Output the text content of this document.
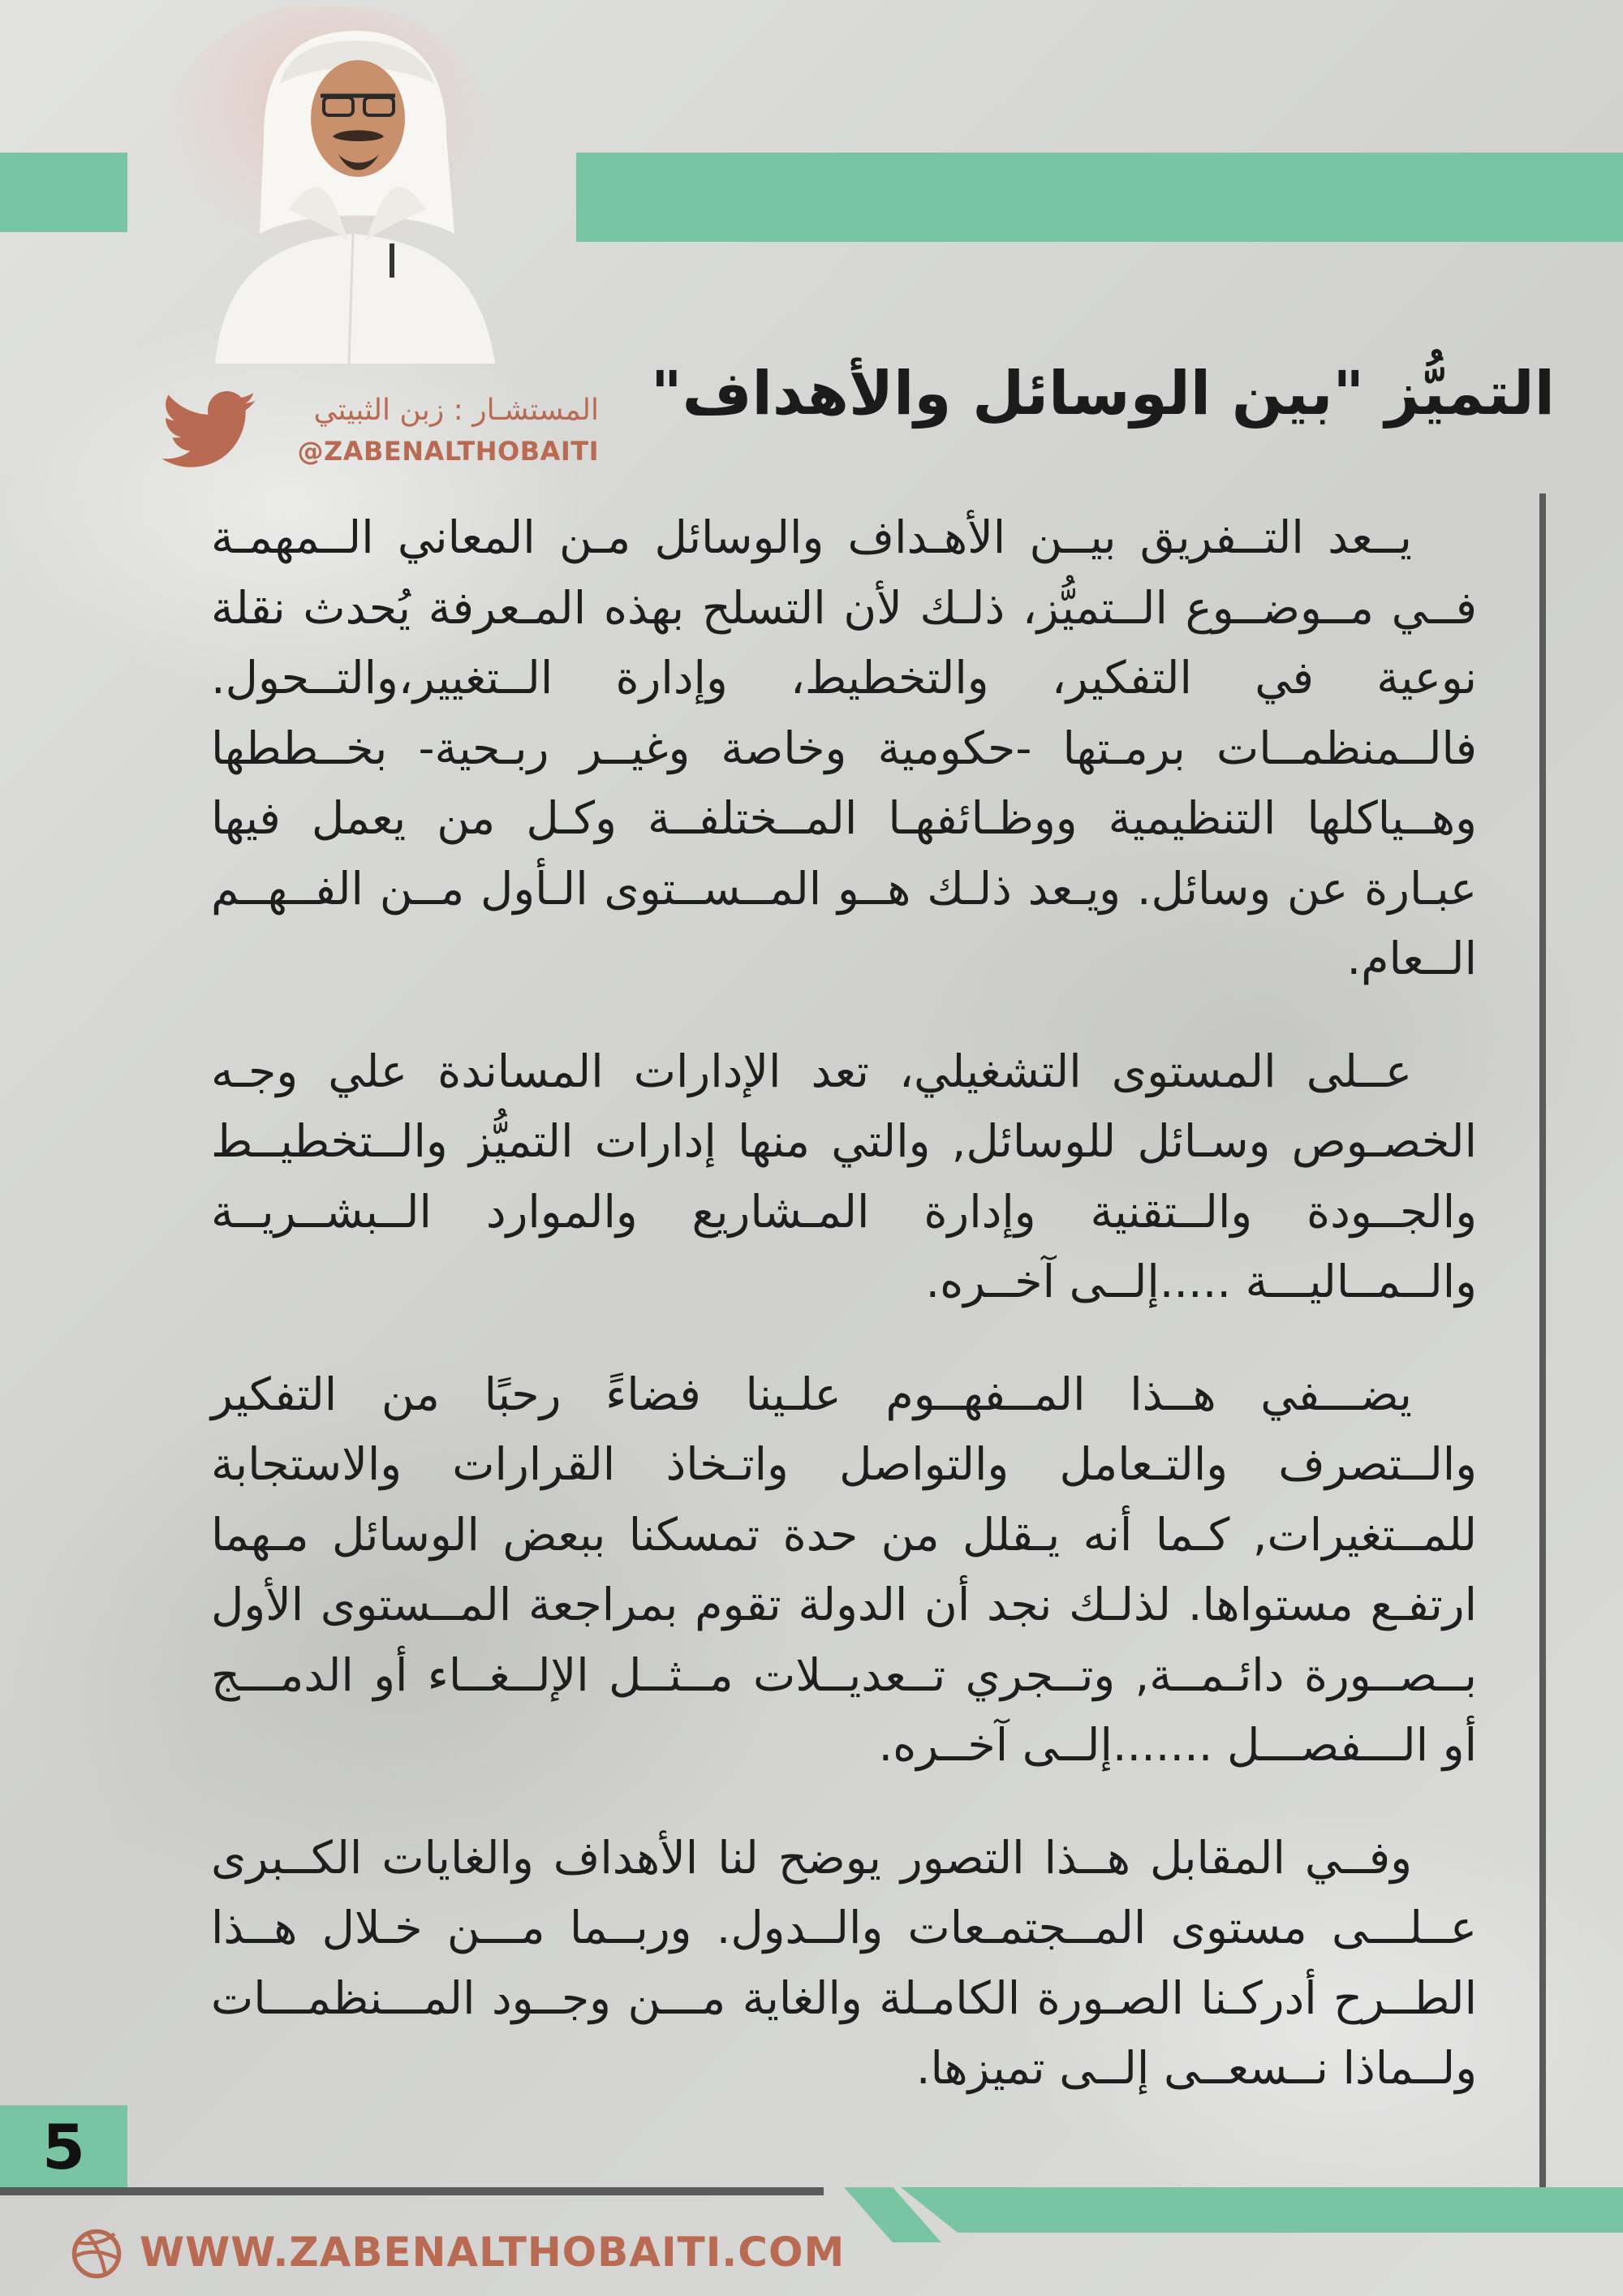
التميُّز "بين الوسائل والأهداف"
المستشـار : زبن الثبيتي
@ZABENALTHOBAITI

يــعد التــفريق بيــن الأهـداف والوسائل مـن المعاني الــمهمـة فــي مــوضــوع الــتميُّز، ذلـك لأن التسلح بهذه المـعرفة يُحدث نقلة نوعية في التفكير، والتخطيط، وإدارة الــتغيير،والتــحول. فالــمنظمــات برمـتها -حكومية وخاصة وغيــر ربـحية- بخــططها وهــياكلها التنظيمية ووظـائفهـا المــختلفــة وكـل من يعمل فيها عبـارة عن وسائل. ويـعد ذلـك هــو المــســتوى الـأول مــن الفــهــم الــعام.

عــلى المستوى التشغيلي، تعد الإدارات المساندة علي وجـه الخصـوص وسـائل للوسائل, والتي منها إدارات التميُّز والــتخطيــط والجــودة والــتقنية وإدارة المـشاريع والموارد الــبشــريــة والــمــاليـــة .....إلــى آخــره.

يضـــفي هــذا المــفهــوم علـينا فضاءً رحبًا من التفكير والــتصرف والتـعامل والتواصل واتـخاذ القرارات والاستجابة للمــتغيرات, كـما أنه يـقلل من حدة تمسكنا ببعض الوسائل مـهما ارتفـع مستواها. لذلـك نجد أن الدولة تقوم بمراجعة المــستوى الأول بــصــورة دائـمــة, وتــجري تــعديــلات مــثــل الإلــغــاء أو الدمـــج أو الـــفصـــل .......إلــى آخــره.

وفــي المقابل هــذا التصور يوضح لنا الأهداف والغايات الكــبرى عــلـــى مستوى المــجتمـعات والــدول. وربــما مـــن خـلال هــذا الطــرح أدركـنا الصـورة الكامـلة والغاية مـــن وجــود المـــنظمـــات ولــماذا نــسعــى إلــى تميزها.

5
WWW.ZABENALTHOBAITI.COM
